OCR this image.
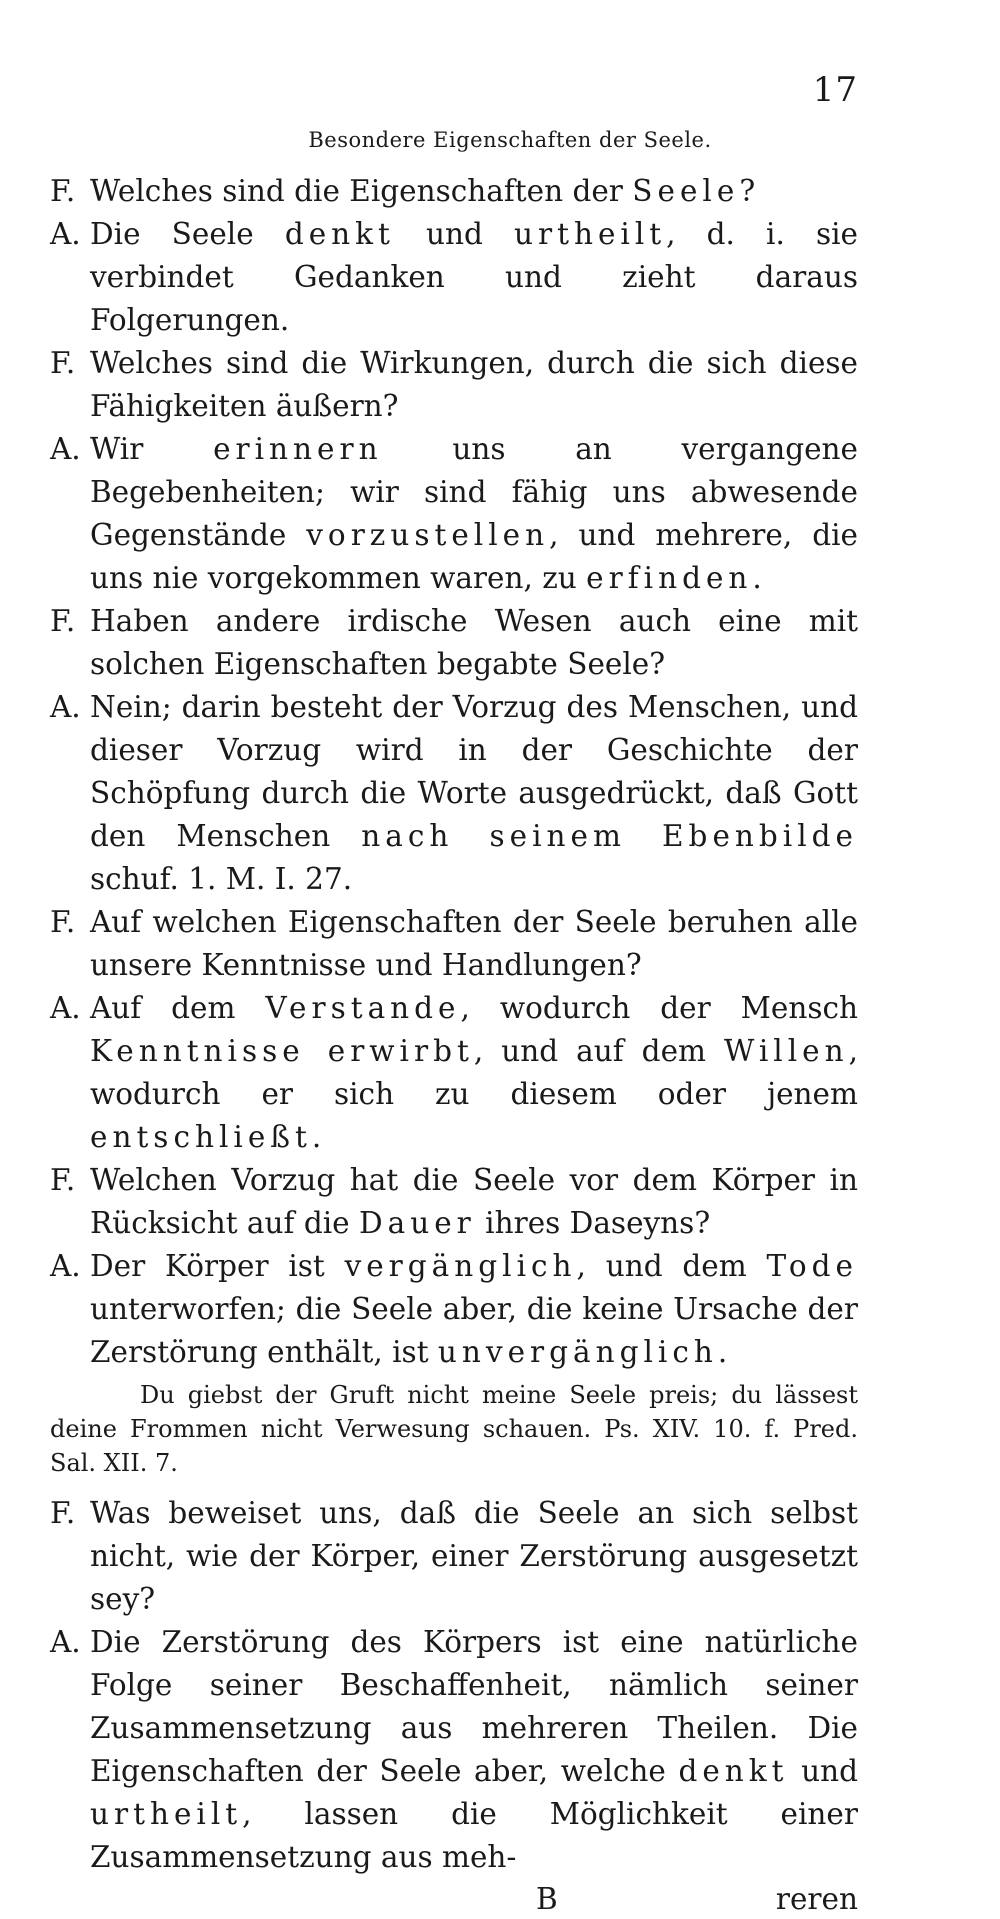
17
Besondere Eigenschaften der Seele.
F. Welches sind die Eigenschaften der Seele?
A. Die Seele denkt und urtheilt, d. i. sie verbindet Gedanken und zieht daraus Folgerungen.
F. Welches sind die Wirkungen, durch die sich diese Fähigkeiten äußern?
A. Wir erinnern uns an vergangene Begebenheiten; wir sind fähig uns abwesende Gegenstände vorzustellen, und mehrere, die uns nie vorgekommen waren, zu erfinden.
F. Haben andere irdische Wesen auch eine mit solchen Eigenschaften begabte Seele?
A. Nein; darin besteht der Vorzug des Menschen, und dieser Vorzug wird in der Geschichte der Schöpfung durch die Worte ausgedrückt, daß Gott den Menschen nach seinem Ebenbilde schuf. 1. M. I. 27.
F. Auf welchen Eigenschaften der Seele beruhen alle unsere Kenntnisse und Handlungen?
A. Auf dem Verstande, wodurch der Mensch Kenntnisse erwirbt, und auf dem Willen, wodurch er sich zu diesem oder jenem entschließt.
F. Welchen Vorzug hat die Seele vor dem Körper in Rücksicht auf die Dauer ihres Daseyns?
A. Der Körper ist vergänglich, und dem Tode unterworfen; die Seele aber, die keine Ursache der Zerstörung enthält, ist unvergänglich.
Du giebst der Gruft nicht meine Seele preis; du lässest deine Frommen nicht Verwesung schauen. Ps. XIV. 10. f. Pred. Sal. XII. 7.
F. Was beweiset uns, daß die Seele an sich selbst nicht, wie der Körper, einer Zerstörung ausgesetzt sey?
A. Die Zerstörung des Körpers ist eine natürliche Folge seiner Beschaffenheit, nämlich seiner Zusammensetzung aus mehreren Theilen. Die Eigenschaften der Seele aber, welche denkt und urtheilt, lassen die Möglichkeit einer Zusammensetzung aus meh-
B	reren
